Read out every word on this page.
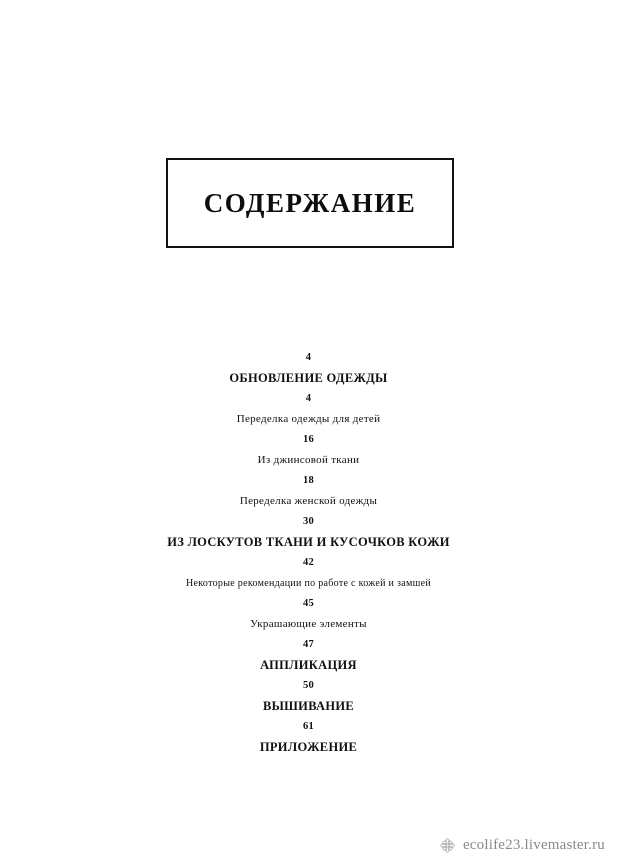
СОДЕРЖАНИЕ
4
ОБНОВЛЕНИЕ ОДЕЖДЫ
4
Переделка одежды для детей
16
Из джинсовой ткани
18
Переделка женской одежды
30
ИЗ ЛОСКУТОВ ТКАНИ И КУСОЧКОВ КОЖИ
42
Некоторые рекомендации по работе с кожей и замшей
45
Украшающие элементы
47
АППЛИКАЦИЯ
50
ВЫШИВАНИЕ
61
ПРИЛОЖЕНИЕ
ecolife23.livemaster.ru
